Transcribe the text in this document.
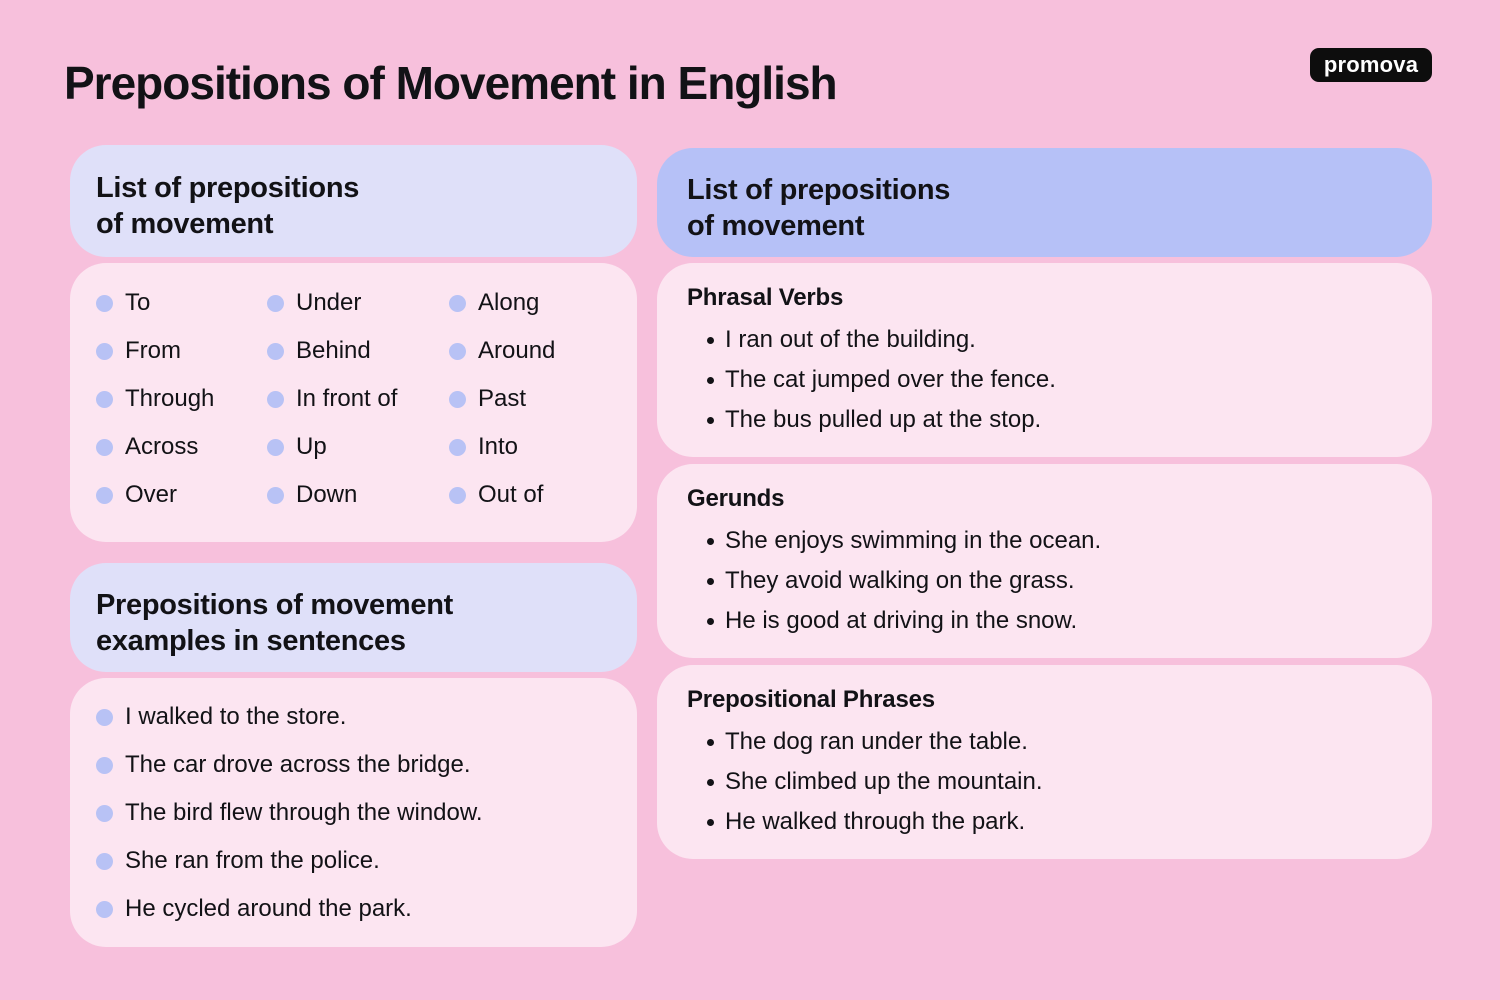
Prepositions of Movement in English	promova
List of prepositions
of movement
To
From
Through
Across
Over
Under
Behind
In front of
Up
Down
Along
Around
Past
Into
Out of
Prepositions of movement
examples in sentences
I walked to the store.
The car drove across the bridge.
The bird flew through the window.
She ran from the police.
He cycled around the park.
List of prepositions
of movement
Phrasal Verbs
I ran out of the building.
The cat jumped over the fence.
The bus pulled up at the stop.
Gerunds
She enjoys swimming in the ocean.
They avoid walking on the grass.
He is good at driving in the snow.
Prepositional Phrases
The dog ran under the table.
She climbed up the mountain.
He walked through the park.
